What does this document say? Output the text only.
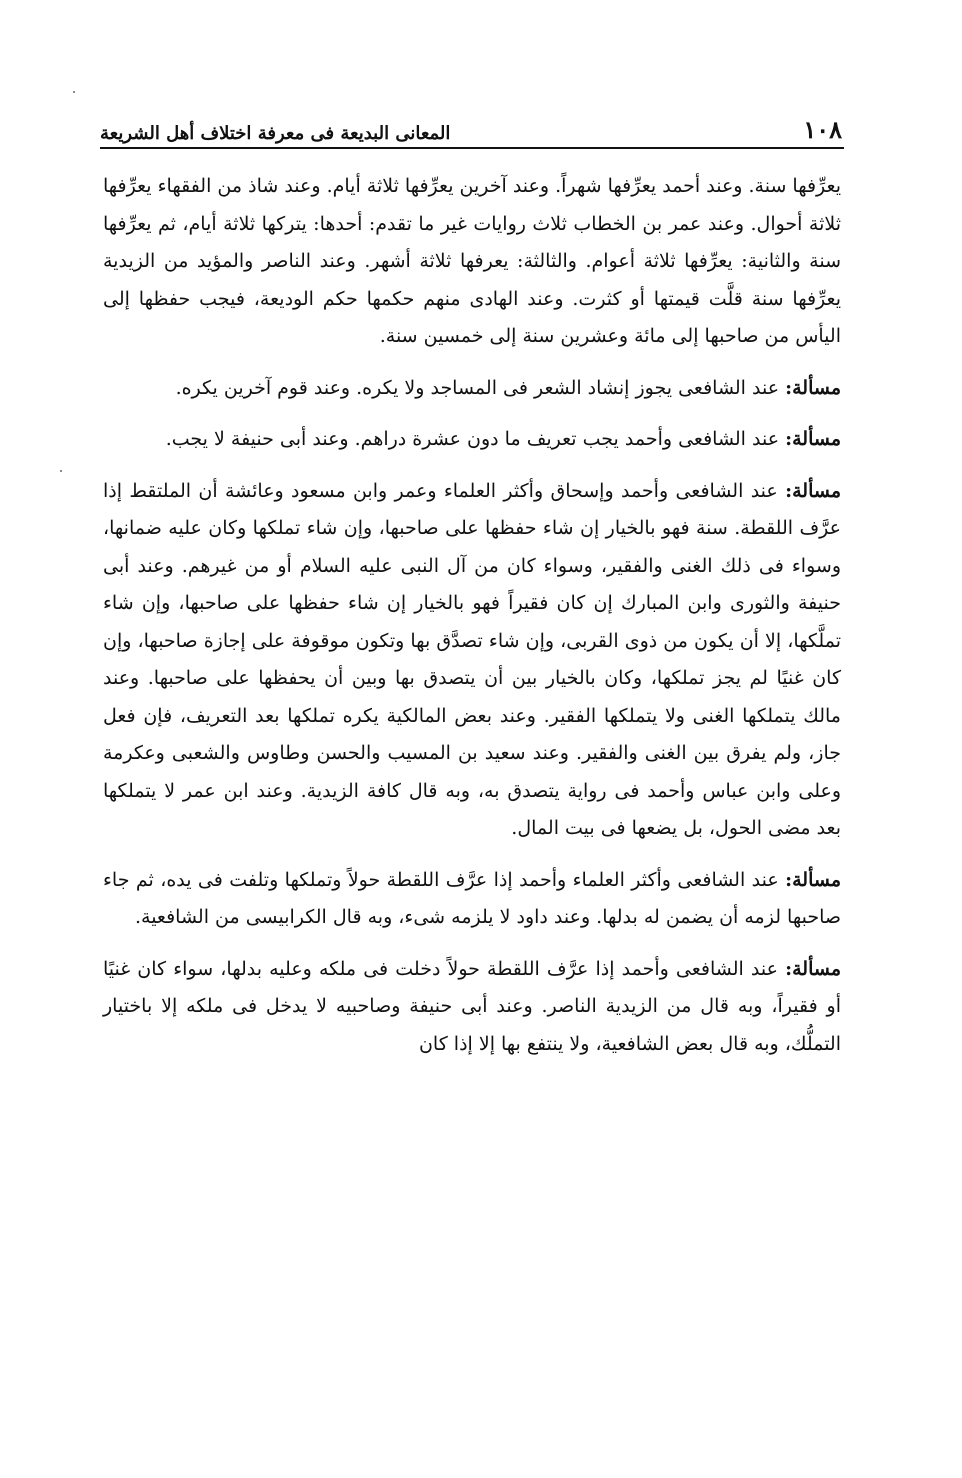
١٠٨
المعانى البديعة فى معرفة اختلاف أهل الشريعة

يعرِّفها سنة. وعند أحمد يعرِّفها شهراً. وعند آخرين يعرِّفها ثلاثة أيام. وعند شاذ من الفقهاء يعرِّفها ثلاثة أحوال. وعند عمر بن الخطاب ثلاث روايات غير ما تقدم: أحدها: يتركها ثلاثة أيام، ثم يعرِّفها سنة والثانية: يعرِّفها ثلاثة أعوام. والثالثة: يعرفها ثلاثة أشهر. وعند الناصر والمؤيد من الزيدية يعرِّفها سنة قلَّت قيمتها أو كثرت. وعند الهادى منهم حكمها حكم الوديعة، فيجب حفظها إلى اليأس من صاحبها إلى مائة وعشرين سنة إلى خمسين سنة.

مسألة: عند الشافعى يجوز إنشاد الشعر فى المساجد ولا يكره. وعند قوم آخرين يكره.

مسألة: عند الشافعى وأحمد يجب تعريف ما دون عشرة دراهم. وعند أبى حنيفة لا يجب.

مسألة: عند الشافعى وأحمد وإسحاق وأكثر العلماء وعمر وابن مسعود وعائشة أن الملتقط إذا عرَّف اللقطة. سنة فهو بالخيار إن شاء حفظها على صاحبها، وإن شاء تملكها وكان عليه ضمانها، وسواء فى ذلك الغنى والفقير، وسواء كان من آل النبى عليه السلام أو من غيرهم. وعند أبى حنيفة والثورى وابن المبارك إن كان فقيراً فهو بالخيار إن شاء حفظها على صاحبها، وإن شاء تملَّكها، إلا أن يكون من ذوى القربى، وإن شاء تصدَّق بها وتكون موقوفة على إجازة صاحبها، وإن كان غنيًا لم يجز تملكها، وكان بالخيار بين أن يتصدق بها وبين أن يحفظها على صاحبها. وعند مالك يتملكها الغنى ولا يتملكها الفقير. وعند بعض المالكية يكره تملكها بعد التعريف، فإن فعل جاز، ولم يفرق بين الغنى والفقير. وعند سعيد بن المسيب والحسن وطاوس والشعبى وعكرمة وعلى وابن عباس وأحمد فى رواية يتصدق به، وبه قال كافة الزيدية. وعند ابن عمر لا يتملكها بعد مضى الحول، بل يضعها فى بيت المال.

مسألة: عند الشافعى وأكثر العلماء وأحمد إذا عرَّف اللقطة حولاً وتملكها وتلفت فى يده، ثم جاء صاحبها لزمه أن يضمن له بدلها. وعند داود لا يلزمه شىء، وبه قال الكرابيسى من الشافعية.

مسألة: عند الشافعى وأحمد إذا عرَّف اللقطة حولاً دخلت فى ملكه وعليه بدلها، سواء كان غنيًا أو فقيراً، وبه قال من الزيدية الناصر. وعند أبى حنيفة وصاحبيه لا يدخل فى ملكه إلا باختيار التملُّك، وبه قال بعض الشافعية، ولا ينتفع بها إلا إذا كان
